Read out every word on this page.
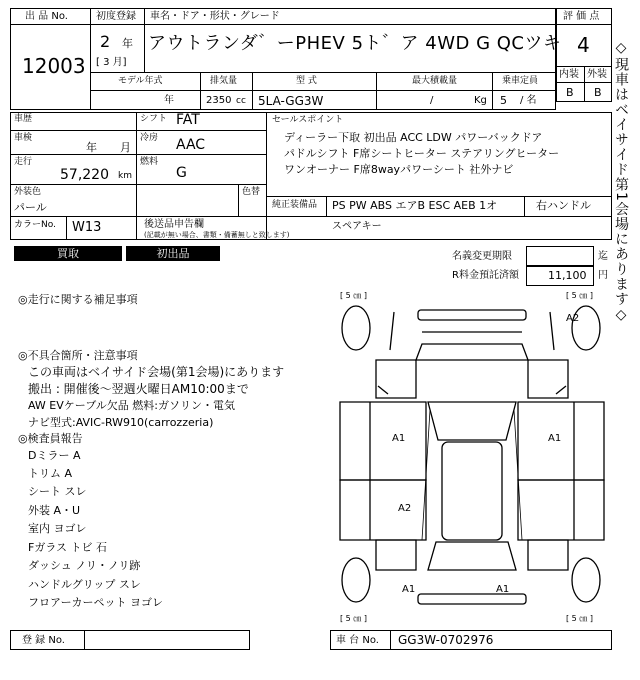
出 品 No.
12003
初度登録
2 年
[ 3 月]
車名・ドア・形状・グレード
アウトランダ゛ーPHEV 5ト゛ア 4WD G QCツキ
モデル年式
年
排気量
2350 cc
型 式
5LA-GG3W
最大積載量
/	Kg
乗車定員
5 / 名
評 価 点
4
内装 外装
B B ◇現車はベイサイド第1会場にあります◇
車歴
車検
年 月
走行
57,220 km
シフト FAT
冷房 AAC
燃料
G
外装色
パール
色替
カラーNo. W13
セールスポイント
ディーラー下取 初出品 ACC LDW パワーバックドア
パドルシフト F席シートヒーター ステアリングヒーター
ワンオーナー F席8wayパワーシート 社外ナビ
純正装備品 PS PW ABS エアB ESC AEB 1オ	右ハンドル
後送品申告欄
(記載が無い場合、書類・備蓄無しと致します)
スペアキー
買取	初出品	名義変更期限	迄
R料金預託済額	11,100 円
◎走行に関する補足事項
◎不具合箇所・注意事項
この車両はベイサイド会場(第1会場)にあります
搬出 : 開催後～翌週火曜日AM10:00まで
AW EVケーブル欠品 燃料:ガソリン・電気
ナビ型式:AVIC-RW910(carrozzeria)
◎検査員報告
Dミラー A
トリム A
シート スレ
外装 A・U
室内 ヨゴレ
Fガラス トビ 石
ダッシュ ノリ・ノリ跡
ハンドルグリップ スレ
フロアーカーペット ヨゴレ
[ 5 ㎝ ]	[ 5 ㎝ ]
[ 5 ㎝ ]	[ 5 ㎝ ]
A2
A1	A1
A2
A1	A1
登 録 No.	車 台 No. GG3W-0702976
